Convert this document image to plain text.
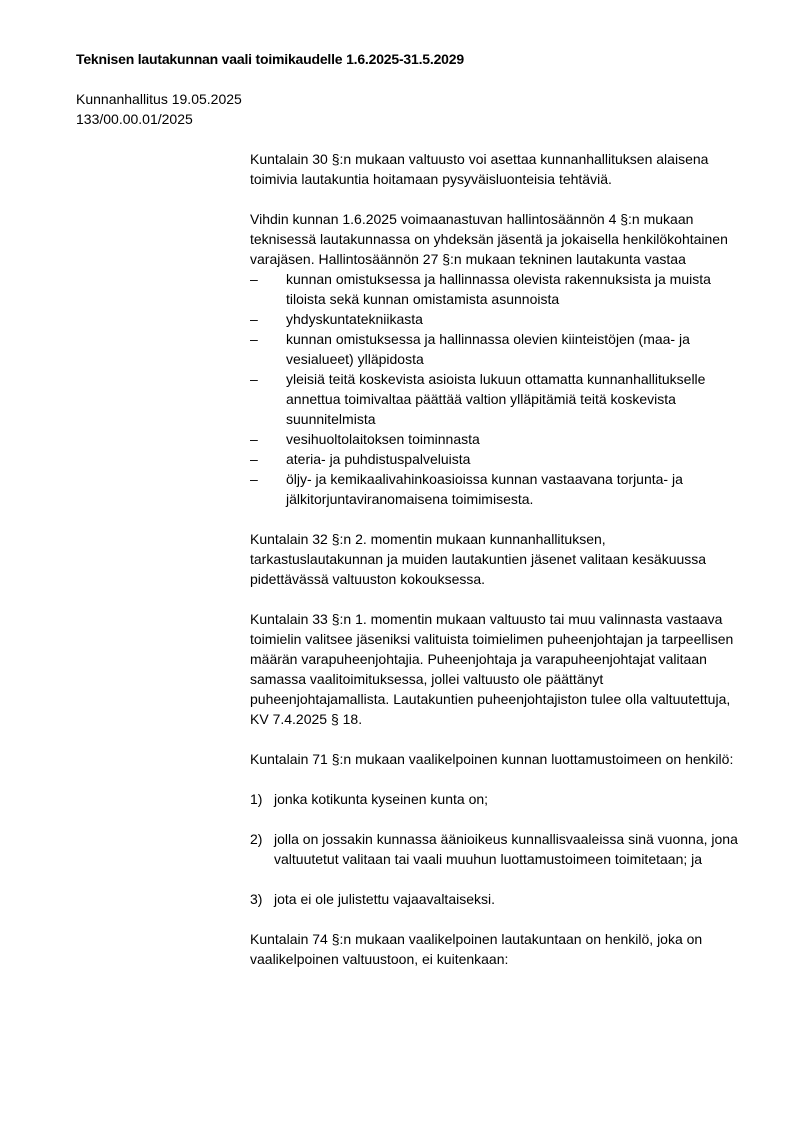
Teknisen lautakunnan vaali toimikaudelle 1.6.2025-31.5.2029
Kunnanhallitus 19.05.2025
133/00.00.01/2025

Kuntalain 30 §:n mukaan valtuusto voi asettaa kunnanhallituksen alaisena toimivia lautakuntia hoitamaan pysyväisluonteisia tehtäviä.

Vihdin kunnan 1.6.2025 voimaanastuvan hallintosäännön 4 §:n mukaan teknisessä lautakunnassa on yhdeksän jäsentä ja jokaisella henkilökohtainen varajäsen. Hallintosäännön 27 §:n mukaan tekninen lautakunta vastaa

– kunnan omistuksessa ja hallinnassa olevista rakennuksista ja muista tiloista sekä kunnan omistamista asunnoista
– yhdyskuntatekniikasta
– kunnan omistuksessa ja hallinnassa olevien kiinteistöjen (maa- ja vesialueet) ylläpidosta
– yleisiä teitä koskevista asioista lukuun ottamatta kunnanhallitukselle annettua toimivaltaa päättää valtion ylläpitämiä teitä koskevista suunnitelmista
– vesihuoltolaitoksen toiminnasta
– ateria- ja puhdistuspalveluista
– öljy- ja kemikaalivahinkoasioissa kunnan vastaavana torjunta- ja jälkitorjuntaviranomaisena toimimisesta.

Kuntalain 32 §:n 2. momentin mukaan kunnanhallituksen, tarkastuslautakunnan ja muiden lautakuntien jäsenet valitaan kesäkuussa pidettävässä valtuuston kokouksessa.

Kuntalain 33 §:n 1. momentin mukaan valtuusto tai muu valinnasta vastaava toimielin valitsee jäseniksi valituista toimielimen puheenjohtajan ja tarpeellisen määrän varapuheenjohtajia. Puheenjohtaja ja varapuheenjohtajat valitaan samassa vaalitoimituksessa, jollei valtuusto ole päättänyt puheenjohtajamallista. Lautakuntien puheenjohtajiston tulee olla valtuutettuja, KV 7.4.2025 § 18.

Kuntalain 71 §:n mukaan vaalikelpoinen kunnan luottamustoimeen on henkilö:

1) jonka kotikunta kyseinen kunta on;
2) jolla on jossakin kunnassa äänioikeus kunnallisvaaleissa sinä vuonna, jona valtuutetut valitaan tai vaali muuhun luottamustoimeen toimitetaan; ja
3) jota ei ole julistettu vajaavaltaiseksi.

Kuntalain 74 §:n mukaan vaalikelpoinen lautakuntaan on henkilö, joka on vaalikelpoinen valtuustoon, ei kuitenkaan:
